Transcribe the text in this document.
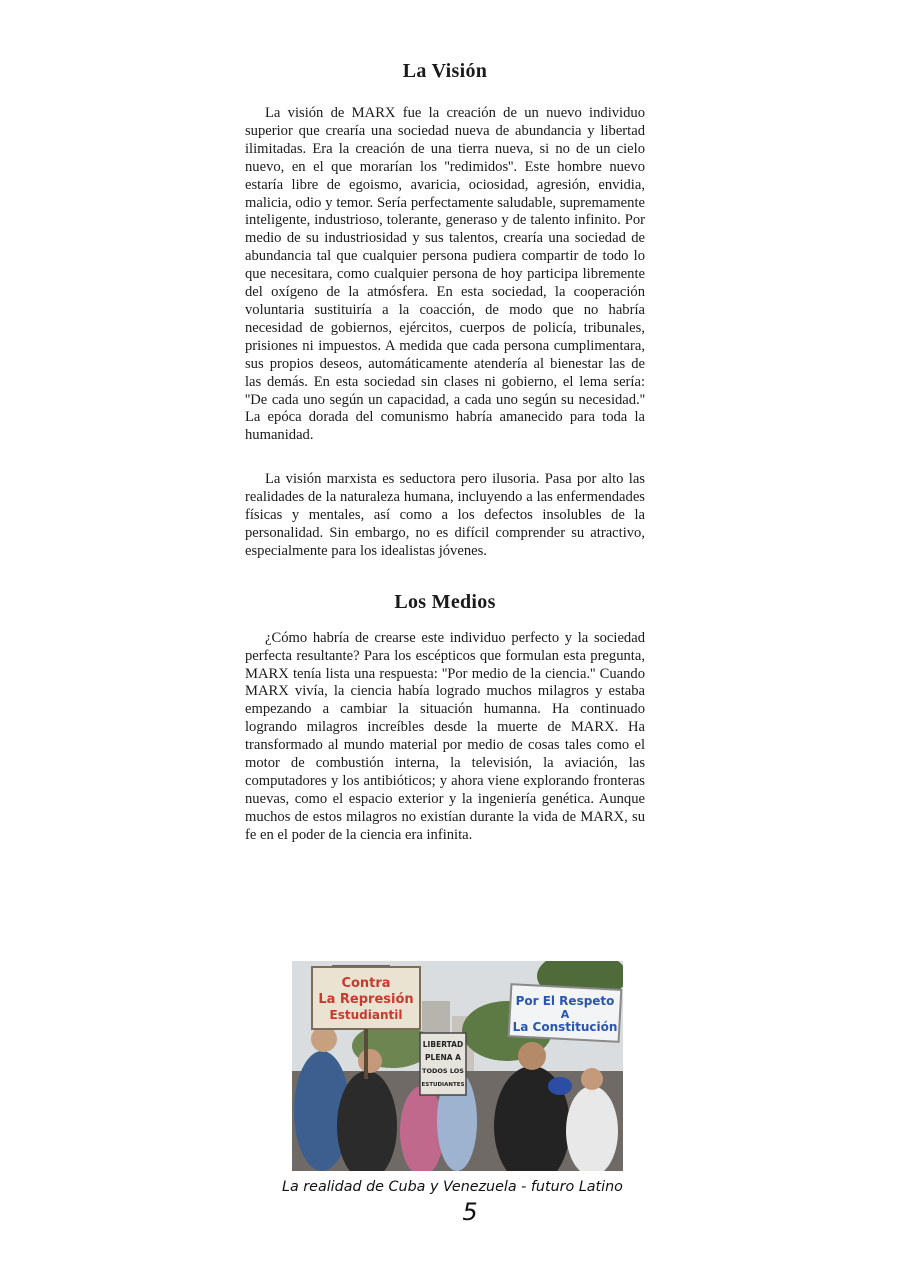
La Visión

La visión de MARX fue la creación de un nuevo individuo superior que crearía una sociedad nueva de abundancia y libertad ilimitadas. Era la creación de una tierra nueva, si no de un cielo nuevo, en el que morarían los ''redimidos''. Este hombre nuevo estaría libre de egoismo, avaricia, ociosidad, agresión, envidia, malicia, odio y temor. Sería perfectamente saludable, supremamente inteligente, industrioso, tolerante, generaso y de talento infinito. Por medio de su industriosidad y sus talentos, crearía una sociedad de abundancia tal que cualquier persona pudiera compartir de todo lo que necesitara, como cualquier persona de hoy participa libremente del oxígeno de la atmósfera. En esta sociedad, la cooperación voluntaria sustituiría a la coacción, de modo que no habría necesidad de gobiernos, ejércitos, cuerpos de policía, tribunales, prisiones ni impuestos. A medida que cada persona cumplimentara, sus propios deseos, automáticamente atendería al bienestar las de las demás. En esta sociedad sin clases ni gobierno, el lema sería: ''De cada uno según un capacidad, a cada uno según su necesidad.'' La epóca dorada del comunismo habría amanecido para toda la humanidad.

La visión marxista es seductora pero ilusoria. Pasa por alto las realidades de la naturaleza humana, incluyendo a las enfermendades físicas y mentales, así como a los defectos insolubles de la personalidad. Sin embargo, no es difícil comprender su atractivo, especialmente para los idealistas jóvenes.

Los Medios

¿Cómo habría de crearse este individuo perfecto y la sociedad perfecta resultante? Para los escépticos que formulan esta pregunta, MARX tenía lista una respuesta: ''Por medio de la ciencia.'' Cuando MARX vivía, la ciencia había logrado muchos milagros y estaba empezando a cambiar la situación humanna. Ha continuado logrando milagros increíbles desde la muerte de MARX. Ha transformado al mundo material por medio de cosas tales como el motor de combustión interna, la televisión, la aviación, las computadores y los antibióticos; y ahora viene explorando fronteras nuevas, como el espacio exterior y la ingeniería genética. Aunque muchos de estos milagros no existían durante la vida de MARX, su fe en el poder de la ciencia era infinita.

Contra
La Represión
Estudiantil
Por El Respeto
A
La Constitución
LIBERTAD
PLENA A
TODOS LOS
ESTUDIANTES
La realidad de Cuba y Venezuela - futuro Latino
5
